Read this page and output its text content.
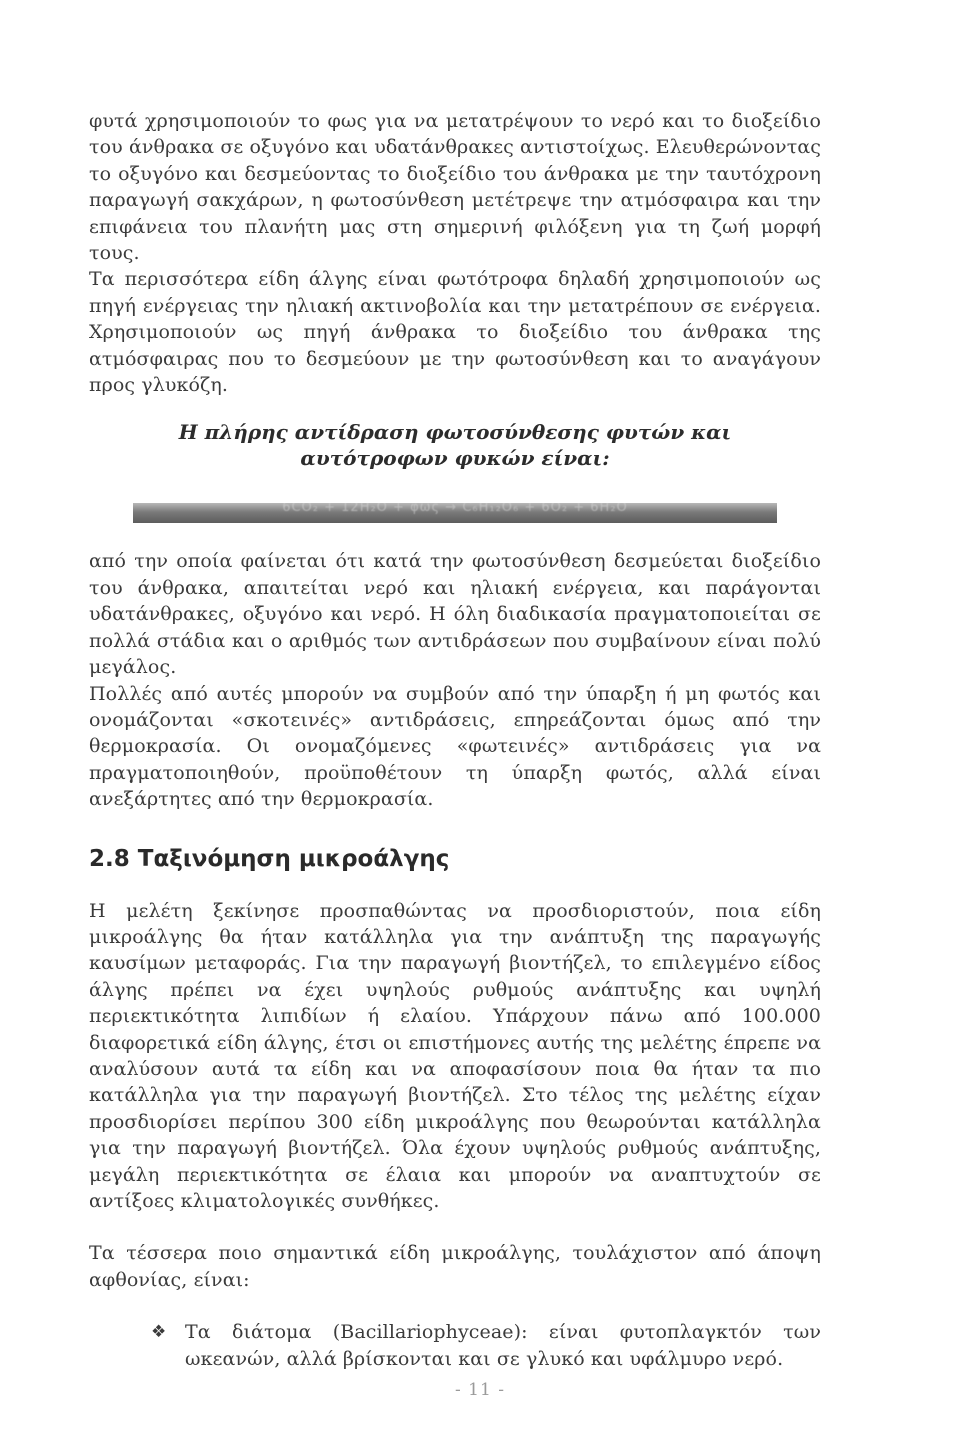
φυτά χρησιμοποιούν το φως για να μετατρέψουν το νερό και το διοξείδιο του άνθρακα σε οξυγόνο και υδατάνθρακες αντιστοίχως. Ελευθερώνοντας το οξυγόνο και δεσμεύοντας το διοξείδιο του άνθρακα με την ταυτόχρονη παραγωγή σακχάρων, η φωτοσύνθεση μετέτρεψε την ατμόσφαιρα και την επιφάνεια του πλανήτη μας στη σημερινή φιλόξενη για τη ζωή μορφή τους.

Τα περισσότερα είδη άλγης είναι φωτότροφα δηλαδή χρησιμοποιούν ως πηγή ενέργειας την ηλιακή ακτινοβολία και την μετατρέπουν σε ενέργεια. Χρησιμοποιούν ως πηγή άνθρακα το διοξείδιο του άνθρακα της ατμόσφαιρας που το δεσμεύουν με την φωτοσύνθεση και το αναγάγουν προς γλυκόζη.

Η πλήρης αντίδραση φωτοσύνθεσης φυτών και αυτότροφων φυκών είναι:

6CO₂ + 12H₂O + φως → C₆H₁₂O₆ + 6O₂ + 6H₂O

από την οποία φαίνεται ότι κατά την φωτοσύνθεση δεσμεύεται διοξείδιο του άνθρακα, απαιτείται νερό και ηλιακή ενέργεια, και παράγονται υδατάνθρακες, οξυγόνο και νερό. Η όλη διαδικασία πραγματοποιείται σε πολλά στάδια και ο αριθμός των αντιδράσεων που συμβαίνουν είναι πολύ μεγάλος.

Πολλές από αυτές μπορούν να συμβούν από την ύπαρξη ή μη φωτός και ονομάζονται «σκοτεινές» αντιδράσεις, επηρεάζονται όμως από την θερμοκρασία. Οι ονομαζόμενες «φωτεινές» αντιδράσεις για να πραγματοποιηθούν, προϋποθέτουν τη ύπαρξη φωτός, αλλά είναι ανεξάρτητες από την θερμοκρασία.

2.8 Ταξινόμηση μικροάλγης

Η μελέτη ξεκίνησε προσπαθώντας να προσδιοριστούν, ποια είδη μικροάλγης θα ήταν κατάλληλα για την ανάπτυξη της παραγωγής καυσίμων μεταφοράς. Για την παραγωγή βιοντήζελ, το επιλεγμένο είδος άλγης πρέπει να έχει υψηλούς ρυθμούς ανάπτυξης και υψηλή περιεκτικότητα λιπιδίων ή ελαίου. Υπάρχουν πάνω από 100.000 διαφορετικά είδη άλγης, έτσι οι επιστήμονες αυτής της μελέτης έπρεπε να αναλύσουν αυτά τα είδη και να αποφασίσουν ποια θα ήταν τα πιο κατάλληλα για την παραγωγή βιοντήζελ. Στο τέλος της μελέτης είχαν προσδιορίσει περίπου 300 είδη μικροάλγης που θεωρούνται κατάλληλα για την παραγωγή βιοντήζελ. Όλα έχουν υψηλούς ρυθμούς ανάπτυξης, μεγάλη περιεκτικότητα σε έλαια και μπορούν να αναπτυχτούν σε αντίξοες κλιματολογικές συνθήκες.

Τα τέσσερα ποιο σημαντικά είδη μικροάλγης, τουλάχιστον από άποψη αφθονίας, είναι:

❖ Τα διάτομα (Bacillariophyceae): είναι φυτοπλαγκτόν των ωκεανών, αλλά βρίσκονται και σε γλυκό και υφάλμυρο νερό.

- 11 -
